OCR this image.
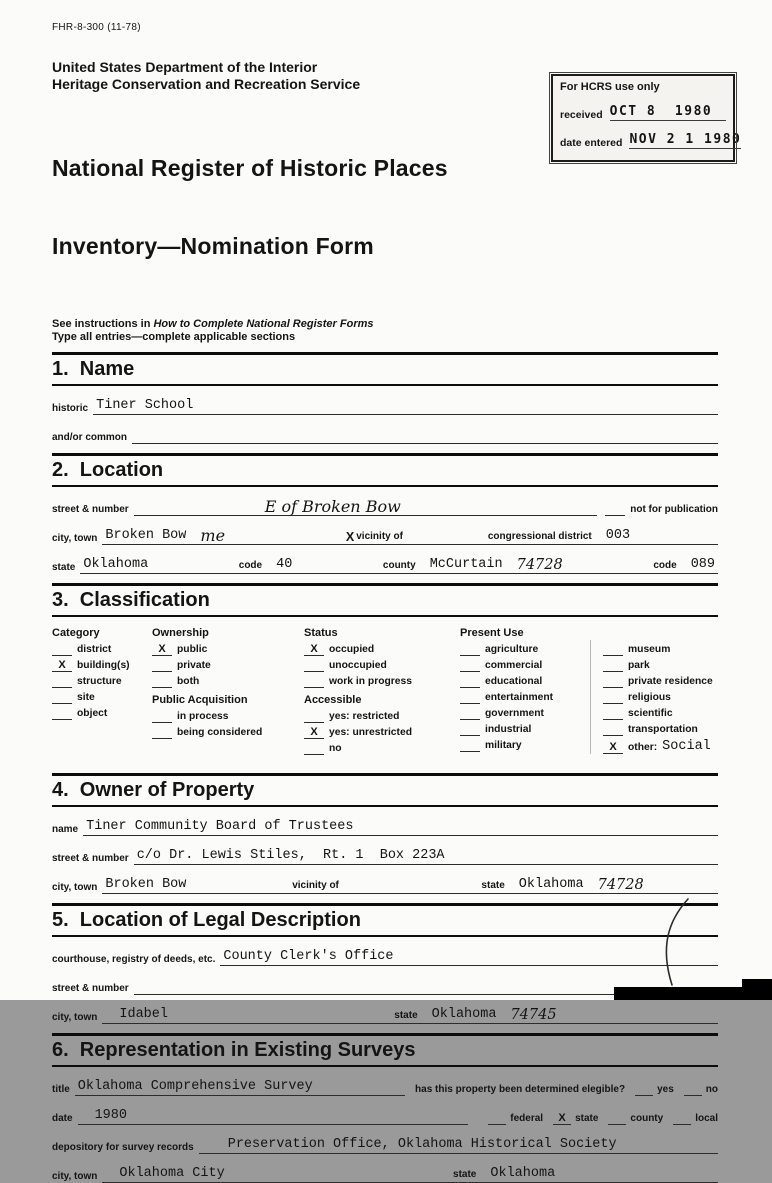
FHR-8-300 (11-78)
United States Department of the Interior
Heritage Conservation and Recreation Service

National Register of Historic Places

Inventory—Nomination Form

See instructions in How to Complete National Register Forms
Type all entries—complete applicable sections
1.  Name
historic Tiner School
and/or common
2.  Location
street & number	E of Broken Bow	not for publication
city, town Broken Bow me	X vicinity of	congressional district 003
state Oklahoma	code 40	county McCurtain 74728	code 089
3.  Classification
Category
district
X	building(s)
structure
site
object
Ownership
X	public
private
both
Public Acquisition
in process
being considered
Status
X	occupied
unoccupied
work in progress
Accessible
yes: restricted
X	yes: unrestricted
no
Present Use
agriculture
commercial
educational
entertainment
government
industrial
military
museum
park
private residence
religious
scientific
transportation
X	other: Social
4.  Owner of Property
name Tiner Community Board of Trustees
street & number c/o Dr. Lewis Stiles,  Rt. 1  Box 223A
city, town Broken Bow	vicinity of	state Oklahoma 74728
5.  Location of Legal Description
courthouse, registry of deeds, etc. County Clerk's Office
street & number
city, town	Idabel	state Oklahoma 74745
6.  Representation in Existing Surveys
title Oklahoma Comprehensive Survey	has this property been determined elegible?	yes	no
date	1980	federal	X state	county	local
depository for survey records	Preservation Office, Oklahoma Historical Society
city, town	Oklahoma City	state Oklahoma
For HCRS use only
received OCT 8  1980
date entered NOV 2 1 1980
